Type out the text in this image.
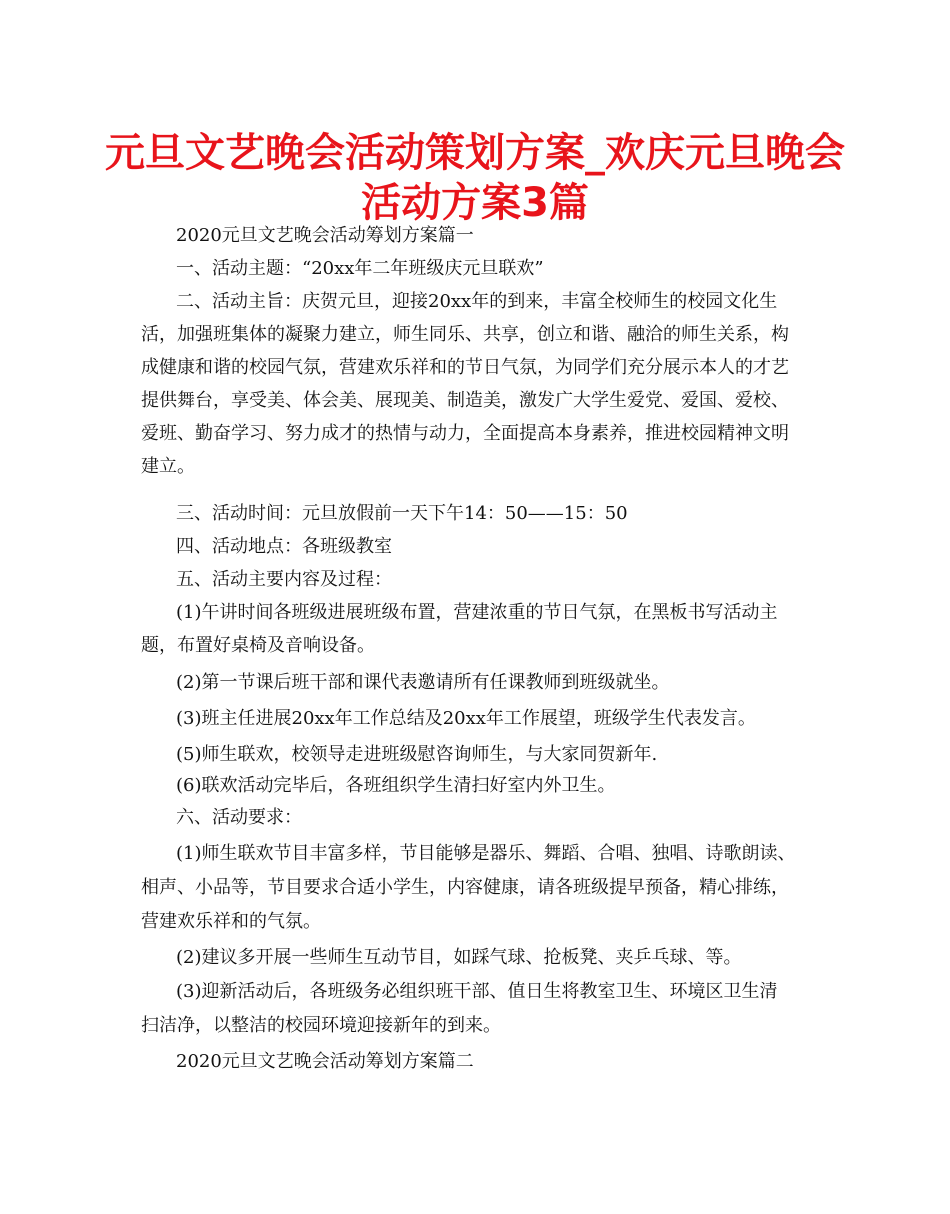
元旦文艺晚会活动策划方案_欢庆元旦晚会
活动方案3篇

2020元旦文艺晚会活动筹划方案篇一

一、活动主题：“20xx年二年班级庆元旦联欢”

二、活动主旨：庆贺元旦，迎接20xx年的到来，丰富全校师生的校园文化生

活，加强班集体的凝聚力建立，师生同乐、共享，创立和谐、融洽的师生关系，构

成健康和谐的校园气氛，营建欢乐祥和的节日气氛，为同学们充分展示本人的才艺

提供舞台，享受美、体会美、展现美、制造美，激发广大学生爱党、爱国、爱校、

爱班、勤奋学习、努力成才的热情与动力，全面提高本身素养，推进校园精神文明

建立。

三、活动时间：元旦放假前一天下午14：50——15：50

四、活动地点：各班级教室

五、活动主要内容及过程：

(1)午讲时间各班级进展班级布置，营建浓重的节日气氛，在黑板书写活动主

题，布置好桌椅及音响设备。

(2)第一节课后班干部和课代表邀请所有任课教师到班级就坐。

(3)班主任进展20xx年工作总结及20xx年工作展望，班级学生代表发言。

(5)师生联欢，校领导走进班级慰咨询师生，与大家同贺新年.

(6)联欢活动完毕后，各班组织学生清扫好室内外卫生。

六、活动要求：

(1)师生联欢节目丰富多样，节目能够是器乐、舞蹈、合唱、独唱、诗歌朗读、

相声、小品等，节目要求合适小学生，内容健康，请各班级提早预备，精心排练，

营建欢乐祥和的气氛。

(2)建议多开展一些师生互动节目，如踩气球、抢板凳、夹乒乓球、等。

(3)迎新活动后，各班级务必组织班干部、值日生将教室卫生、环境区卫生清

扫洁净，以整洁的校园环境迎接新年的到来。

2020元旦文艺晚会活动筹划方案篇二
